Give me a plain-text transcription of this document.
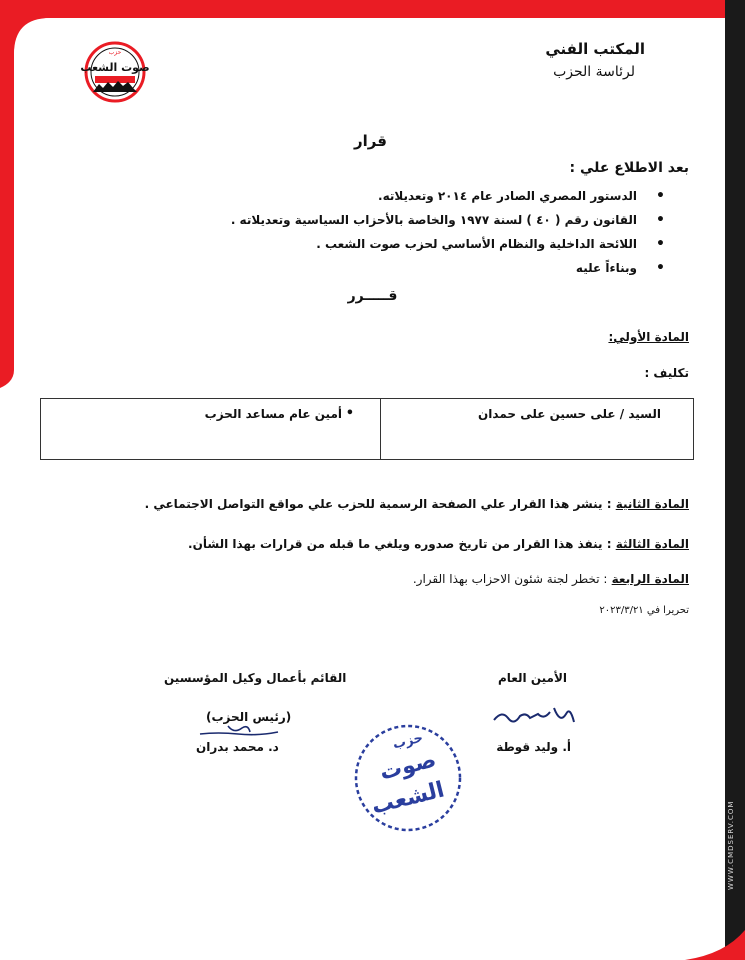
WWW.CMDSERV.COM
المكتب الفني
لرئاسة الحزب
حزب
صوت الشعب
قرار
بعد الاطلاع علي :
الدستور المصري الصادر عام ٢٠١٤ وتعديلاته. •
القانون رقم ( ٤٠ ) لسنة ١٩٧٧ والخاصة بالأحزاب السياسية وتعديلاته . •
اللائحة الداخلية والنظام الأساسي لحزب صوت الشعب . •
وبناءاً عليه •
قـــــرر
المادة الأولي:
تكليف :
•
أمين عام مساعد الحزب	السيد / على حسين على حمدان
المادة الثانية : ينشر هذا القرار علي الصفحة الرسمية للحزب علي مواقع التواصل الاجتماعي .
المادة الثالثة : ينفذ هذا القرار من تاريخ صدوره ويلغي ما قبله من قرارات بهذا الشأن.
المادة الرابعة : تخطر لجنة شئون الاحزاب بهذا القرار.
تحريرا في ٢٠٢٣/٣/٢١
الأمين العام
القائم بأعمال وكيل المؤسسين
(رئيس الحزب)
أ. وليد قوطة
د. محمد بدران	حزب
صوت
الشعب
